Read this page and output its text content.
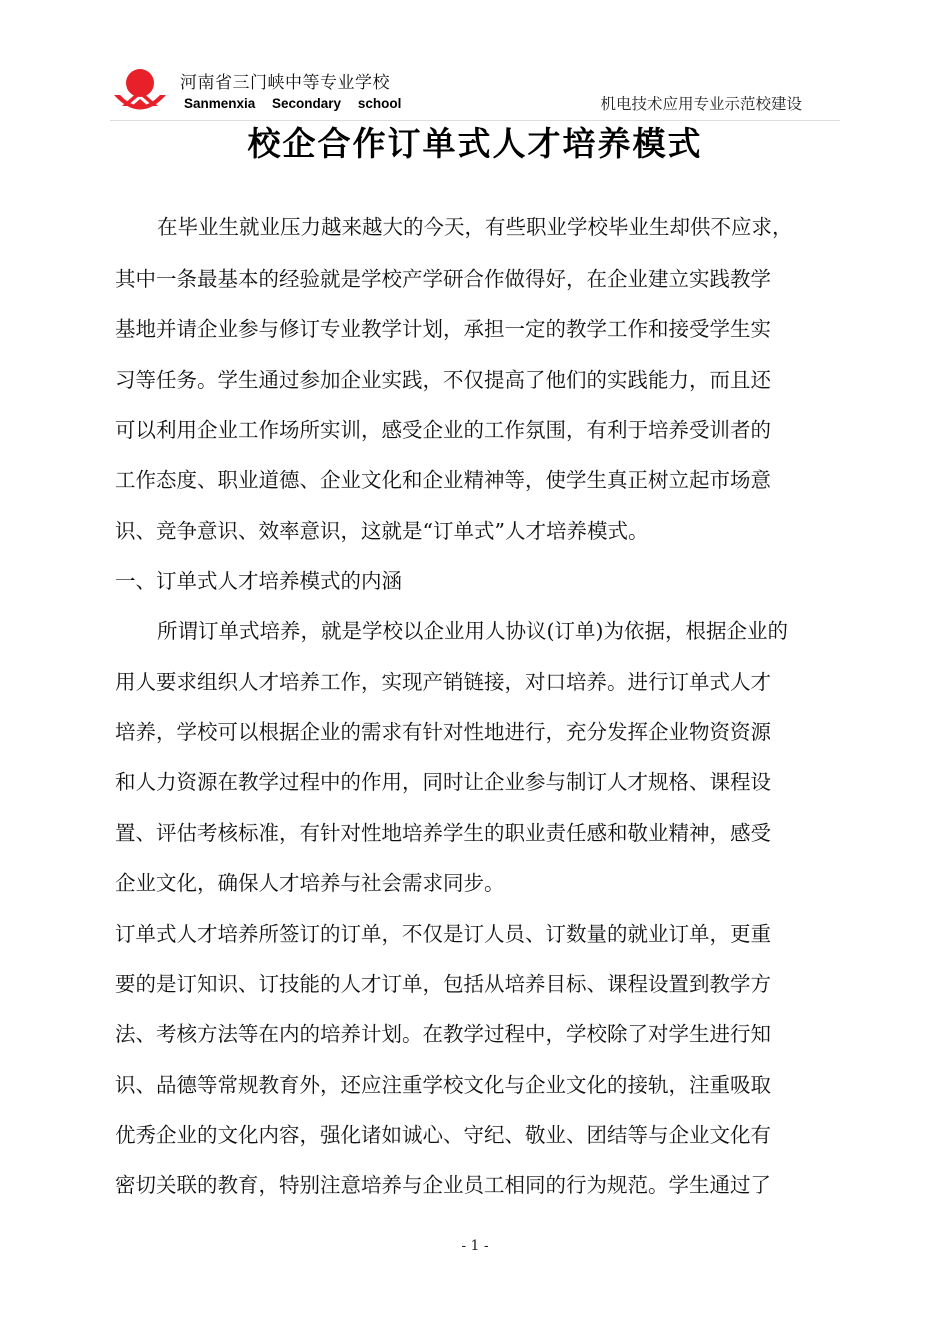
河南省三门峡中等专业学校
Sanmenxia Secondary school	机电技术应用专业示范校建设
校企合作订单式人才培养模式
在毕业生就业压力越来越大的今天，有些职业学校毕业生却供不应求，
其中一条最基本的经验就是学校产学研合作做得好，在企业建立实践教学
基地并请企业参与修订专业教学计划，承担一定的教学工作和接受学生实
习等任务。学生通过参加企业实践，不仅提高了他们的实践能力，而且还
可以利用企业工作场所实训，感受企业的工作氛围，有利于培养受训者的
工作态度、职业道德、企业文化和企业精神等，使学生真正树立起市场意
识、竞争意识、效率意识，这就是“订单式”人才培养模式。
一、订单式人才培养模式的内涵
所谓订单式培养，就是学校以企业用人协议(订单)为依据，根据企业的
用人要求组织人才培养工作，实现产销链接，对口培养。进行订单式人才
培养，学校可以根据企业的需求有针对性地进行，充分发挥企业物资资源
和人力资源在教学过程中的作用，同时让企业参与制订人才规格、课程设
置、评估考核标准，有针对性地培养学生的职业责任感和敬业精神，感受
企业文化，确保人才培养与社会需求同步。
订单式人才培养所签订的订单，不仅是订人员、订数量的就业订单，更重
要的是订知识、订技能的人才订单，包括从培养目标、课程设置到教学方
法、考核方法等在内的培养计划。在教学过程中，学校除了对学生进行知
识、品德等常规教育外，还应注重学校文化与企业文化的接轨，注重吸取
优秀企业的文化内容，强化诸如诚心、守纪、敬业、团结等与企业文化有
密切关联的教育，特别注意培养与企业员工相同的行为规范。学生通过了
- 1 -
